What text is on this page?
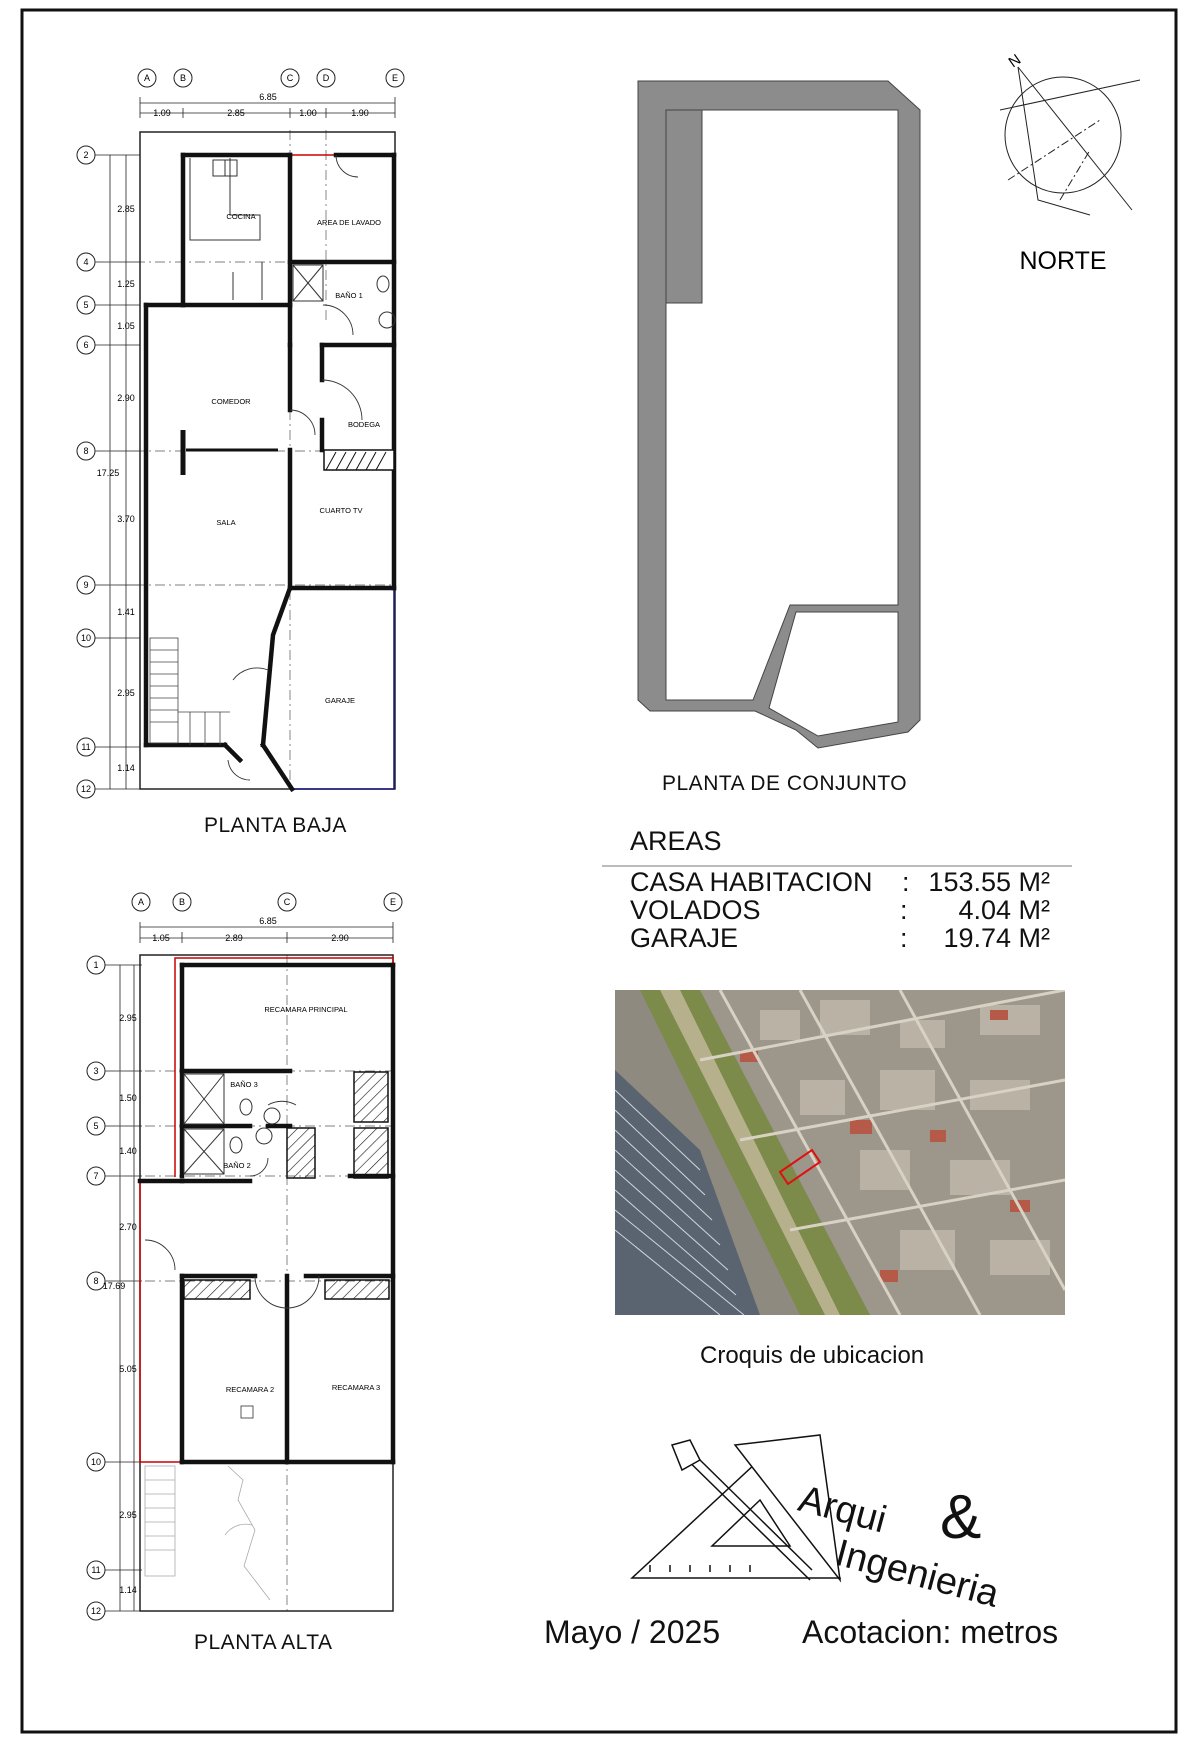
A	B	C	D	E
6.85
1.09	2.85	1.00	1.90
2
4
5
6
8
9
10
11
12
2.85
1.25
1.05
2.90
3.70
1.41
2.95
1.14
17.25
COCINA
AREA DE LAVADO
BAÑO 1
COMEDOR
BODEGA
SALA
CUARTO TV
GARAJE
A	B	C	E
6.85
1.05	2.89	2.90
1
3
5
7
8
10
11
12
2.95
1.50
1.40
2.70
5.05
2.95
1.14
17.69
RECAMARA PRINCIPAL
BAÑO 3
BAÑO 2
RECAMARA 2	RECAMARA 3
N
NORTE
PLANTA BAJA
PLANTA ALTA
PLANTA DE CONJUNTO
AREAS
CASA HABITACION : 153.55 M²
VOLADOS	: 4.04 M²
GARAJE	: 19.74 M²
Croquis de ubicacion
Arqui &
Ingenieria
Mayo / 2025	Acotacion: metros
